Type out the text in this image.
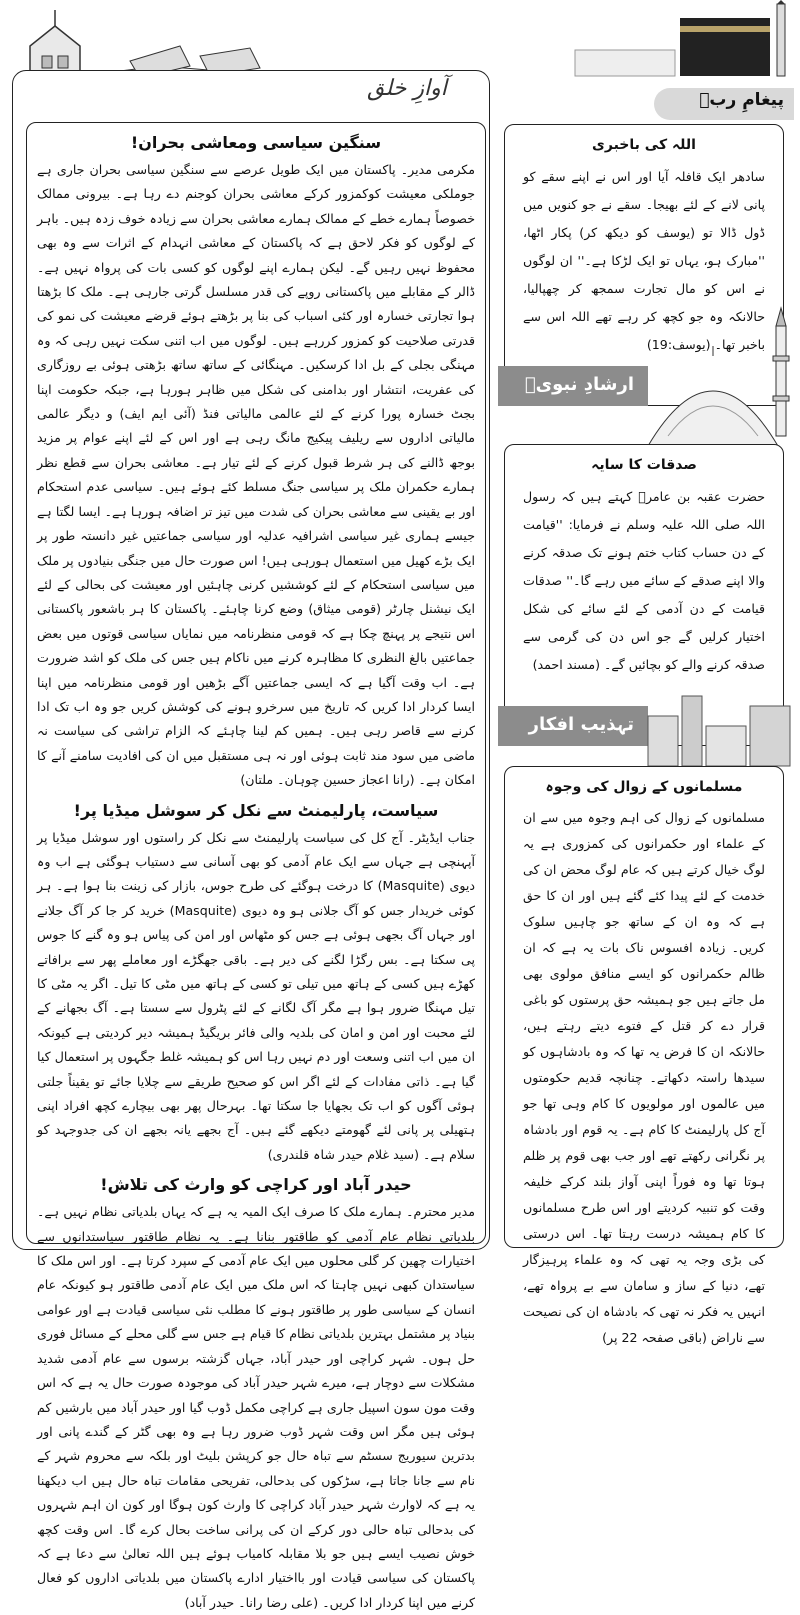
آوازِ خلق
سنگین سیاسی ومعاشی بحران!
مکرمی مدیر۔ پاکستان میں ایک طویل عرصے سے سنگین سیاسی بحران جاری ہے جوملکی معیشت کوکمزور کرکے معاشی بحران کوجنم دے رہا ہے۔ بیرونی ممالک خصوصاً ہمارے خطے کے ممالک ہمارے معاشی بحران سے زیادہ خوف زدہ ہیں۔ باہر کے لوگوں کو فکر لاحق ہے کہ پاکستان کے معاشی انہدام کے اثرات سے وہ بھی محفوظ نہیں رہیں گے۔ لیکن ہمارے اپنے لوگوں کو کسی بات کی پرواہ نہیں ہے۔ ڈالر کے مقابلے میں پاکستانی روپے کی قدر مسلسل گرتی جارہی ہے۔ ملک کا بڑھتا ہوا تجارتی خسارہ اور کئی اسباب کی بنا پر بڑھتے ہوئے قرضے معیشت کی نمو کی قدرتی صلاحیت کو کمزور کررہے ہیں۔ لوگوں میں اب اتنی سکت نہیں رہی کہ وہ مہنگی بجلی کے بل ادا کرسکیں۔ مہنگائی کے ساتھ ساتھ بڑھتی ہوئی بے روزگاری کی عفریت، انتشار اور بدامنی کی شکل میں ظاہر ہورہا ہے، جبکہ حکومت اپنا بجٹ خسارہ پورا کرنے کے لئے عالمی مالیاتی فنڈ (آئی ایم ایف) و دیگر عالمی مالیاتی اداروں سے ریلیف پیکیج مانگ رہی ہے اور اس کے لئے اپنے عوام پر مزید بوجھ ڈالنے کی ہر شرط قبول کرنے کے لئے تیار ہے۔ معاشی بحران سے قطع نظر ہمارے حکمران ملک پر سیاسی جنگ مسلط کئے ہوئے ہیں۔ سیاسی عدم استحکام اور بے یقینی سے معاشی بحران کی شدت میں تیز تر اضافہ ہورہا ہے۔ ایسا لگتا ہے جیسے ہماری غیر سیاسی اشرافیہ عدلیہ اور سیاسی جماعتیں غیر دانستہ طور پر ایک بڑے کھیل میں استعمال ہورہی ہیں! اس صورت حال میں جنگی بنیادوں پر ملک میں سیاسی استحکام کے لئے کوششیں کرنی چاہئیں اور معیشت کی بحالی کے لئے ایک نیشنل چارٹر (قومی میثاق) وضع کرنا چاہئے۔ پاکستان کا ہر باشعور پاکستانی اس نتیجے پر پہنچ چکا ہے کہ قومی منظرنامہ میں نمایاں سیاسی قوتوں میں بعض جماعتیں بالغ النظری کا مظاہرہ کرنے میں ناکام ہیں جس کی ملک کو اشد ضرورت ہے۔ اب وقت آگیا ہے کہ ایسی جماعتیں آگے بڑھیں اور قومی منظرنامہ میں اپنا ایسا کردار ادا کریں کہ تاریخ میں سرخرو ہونے کی کوشش کریں جو وہ اب تک ادا کرنے سے قاصر رہی ہیں۔ ہمیں کم لینا چاہئے کہ الزام تراشی کی سیاست نہ ماضی میں سود مند ثابت ہوئی اور نہ ہی مستقبل میں ان کی افادیت سامنے آنے کا امکان ہے۔ (رانا اعجاز حسین چوہان۔ ملتان)
سیاست، پارلیمنٹ سے نکل کر سوشل میڈیا پر!
جناب ایڈیٹر۔ آج کل کی سیاست پارلیمنٹ سے نکل کر راستوں اور سوشل میڈیا پر آپہنچی ہے جہاں سے ایک عام آدمی کو بھی آسانی سے دستیاب ہوگئی ہے اب وہ دیوی (Masquite) کا درخت ہوگئے کی طرح جوس، بازار کی زینت بنا ہوا ہے۔ ہر کوئی خریدار جس کو آگ جلانی ہو وہ دیوی (Masquite) خرید کر جا کر آگ جلانے اور جہاں آگ بجھی ہوئی ہے جس کو مٹھاس اور امن کی پیاس ہو وہ گنے کا جوس پی سکتا ہے۔ بس رگڑا لگنے کی دیر ہے۔ باقی جھگڑے اور معاملے پھر سے برافاتے کھڑے ہیں کسی کے ہاتھ میں تیلی تو کسی کے ہاتھ میں مٹی کا تیل۔ اگر یہ مٹی کا تیل مہنگا ضرور ہوا ہے مگر آگ لگانے کے لئے پٹرول سے سستا ہے۔ آگ بجھانے کے لئے محبت اور امن و امان کی بلدیہ والی فائر بریگیڈ ہمیشہ دیر کردیتی ہے کیونکہ ان میں اب اتنی وسعت اور دم نہیں رہا اس کو ہمیشہ غلط جگہوں پر استعمال کیا گیا ہے۔ ذاتی مفادات کے لئے اگر اس کو صحیح طریقے سے چلایا جائے تو یقیناً جلتی ہوئی آگوں کو اب تک بجھایا جا سکتا تھا۔ بہرحال پھر بھی بیچارے کچھ افراد اپنی ہتھیلی پر پانی لئے گھومتے دیکھے گئے ہیں۔ آج بجھے یانہ بجھے ان کی جدوجہد کو سلام ہے۔ (سید غلام حیدر شاہ قلندری)
حیدر آباد اور کراچی کو وارث کی تلاش!
مدیر محترم۔ ہمارے ملک کا صرف ایک المیہ یہ ہے کہ یہاں بلدیاتی نظام نہیں ہے۔ بلدیاتی نظام عام آدمی کو طاقتور بنانا ہے۔ یہ نظام طاقتور سیاستدانوں سے اختیارات چھین کر گلی محلوں میں ایک عام آدمی کے سپرد کرتا ہے۔ اور اس ملک کا سیاستدان کبھی نہیں چاہتا کہ اس ملک میں ایک عام آدمی طاقتور ہو کیونکہ عام انسان کے سیاسی طور پر طاقتور ہونے کا مطلب نئی سیاسی قیادت ہے اور عوامی بنیاد پر مشتمل بہترین بلدیاتی نظام کا قیام ہے جس سے گلی محلے کے مسائل فوری حل ہوں۔ شہر کراچی اور حیدر آباد، جہاں گزشتہ برسوں سے عام آدمی شدید مشکلات سے دوچار ہے، میرے شہر حیدر آباد کی موجودہ صورت حال یہ ہے کہ اس وقت مون سون اسپیل جاری ہے کراچی مکمل ڈوب گیا اور حیدر آباد میں بارشیں کم ہوئی ہیں مگر اس وقت شہر ڈوب ضرور رہا ہے وہ بھی گٹر کے گندے پانی اور بدترین سیوریج سسٹم سے تباہ حال جو کرپشن بلیٹ اور بلکہ سے محروم شہر کے نام سے جانا جاتا ہے، سڑکوں کی بدحالی، تفریحی مقامات تباہ حال ہیں اب دیکھنا یہ ہے کہ لاوارث شہر حیدر آباد کراچی کا وارث کون ہوگا اور کون ان اہم شہروں کی بدحالی تباہ حالی دور کرکے ان کی پرانی ساخت بحال کرے گا۔ اس وقت کچھ خوش نصیب ایسے ہیں جو بلا مقابلہ کامیاب ہوئے ہیں اللہ تعالیٰ سے دعا ہے کہ پاکستان کی سیاسی قیادت اور بااختیار ادارے پاکستان میں بلدیاتی اداروں کو فعال کرنے میں اپنا کردار ادا کریں۔ (علی رضا رانا۔ حیدر آباد)
پیغامِ ربؐ
اللہ کی باخبری
سادھر ایک قافلہ آیا اور اس نے اپنے سقے کو پانی لانے کے لئے بھیجا۔ سقے نے جو کنویں میں ڈول ڈالا تو (یوسف کو دیکھ کر) پکار اٹھا، ''مبارک ہو، یہاں تو ایک لڑکا ہے۔'' ان لوگوں نے اس کو مال تجارت سمجھ کر چھپالیا، حالانکہ وہ جو کچھ کر رہے تھے اللہ اس سے باخبر تھا۔ (یوسف:19)
ارشادِ نبویؐ
صدقات کا سایہ
حضرت عقبہ بن عامرؓ کہتے ہیں کہ رسول اللہ صلی اللہ علیہ وسلم نے فرمایا: ''قیامت کے دن حساب کتاب ختم ہونے تک صدقہ کرنے والا اپنے صدقے کے سائے میں رہے گا۔'' صدقات قیامت کے دن آدمی کے لئے سائے کی شکل اختیار کرلیں گے جو اس دن کی گرمی سے صدقہ کرنے والے کو بچائیں گے۔ (مسند احمد)
تہذیب افکار
مسلمانوں کے زوال کی وجوہ
مسلمانوں کے زوال کی اہم وجوہ میں سے ان کے علماء اور حکمرانوں کی کمزوری ہے یہ لوگ خیال کرتے ہیں کہ عام لوگ محض ان کی خدمت کے لئے پیدا کئے گئے ہیں اور ان کا حق ہے کہ وہ ان کے ساتھ جو چاہیں سلوک کریں۔ زیادہ افسوس ناک بات یہ ہے کہ ان ظالم حکمرانوں کو ایسے منافق مولوی بھی مل جاتے ہیں جو ہمیشہ حق پرستوں کو باغی قرار دے کر قتل کے فتوے دیتے رہتے ہیں، حالانکہ ان کا فرض یہ تھا کہ وہ بادشاہوں کو سیدھا راستہ دکھاتے۔ چنانچہ قدیم حکومتوں میں عالموں اور مولویوں کا کام وہی تھا جو آج کل پارلیمنٹ کا کام ہے۔ یہ قوم اور بادشاہ پر نگرانی رکھتے تھے اور جب بھی قوم پر ظلم ہوتا تھا وہ فوراً اپنی آواز بلند کرکے خلیفہ وقت کو تنبیہ کردیتے اور اس طرح مسلمانوں کا کام ہمیشہ درست رہتا تھا۔ اس درستی کی بڑی وجہ یہ تھی کہ وہ علماء پرہیزگار تھے، دنیا کے ساز و سامان سے بے پرواہ تھے، انہیں یہ فکر نہ تھی کہ بادشاہ ان کی نصیحت سے ناراض (باقی صفحہ 22 پر)
